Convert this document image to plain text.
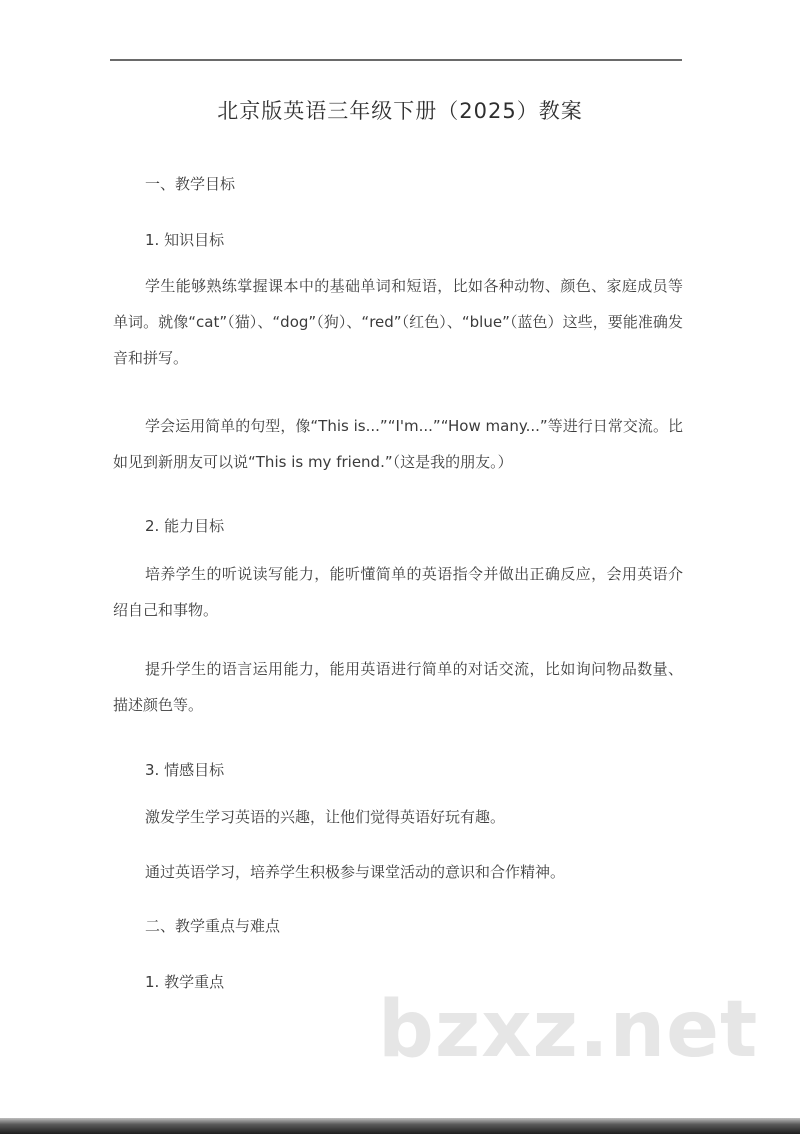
北京版英语三年级下册（2025）教案
一、教学目标
1. 知识目标

学生能够熟练掌握课本中的基础单词和短语，比如各种动物、颜色、家庭成员等单词。就像“cat”（猫）、“dog”（狗）、“red”（红色）、“blue”（蓝色）这些，要能准确发音和拼写。

学会运用简单的句型，像“This is...”“I'm...”“How many...”等进行日常交流。比如见到新朋友可以说“This is my friend.”（这是我的朋友。）

2. 能力目标

培养学生的听说读写能力，能听懂简单的英语指令并做出正确反应，会用英语介绍自己和事物。

提升学生的语言运用能力，能用英语进行简单的对话交流，比如询问物品数量、描述颜色等。

3. 情感目标
激发学生学习英语的兴趣，让他们觉得英语好玩有趣。
通过英语学习，培养学生积极参与课堂活动的意识和合作精神。
二、教学重点与难点
1. 教学重点
bzxz.net
